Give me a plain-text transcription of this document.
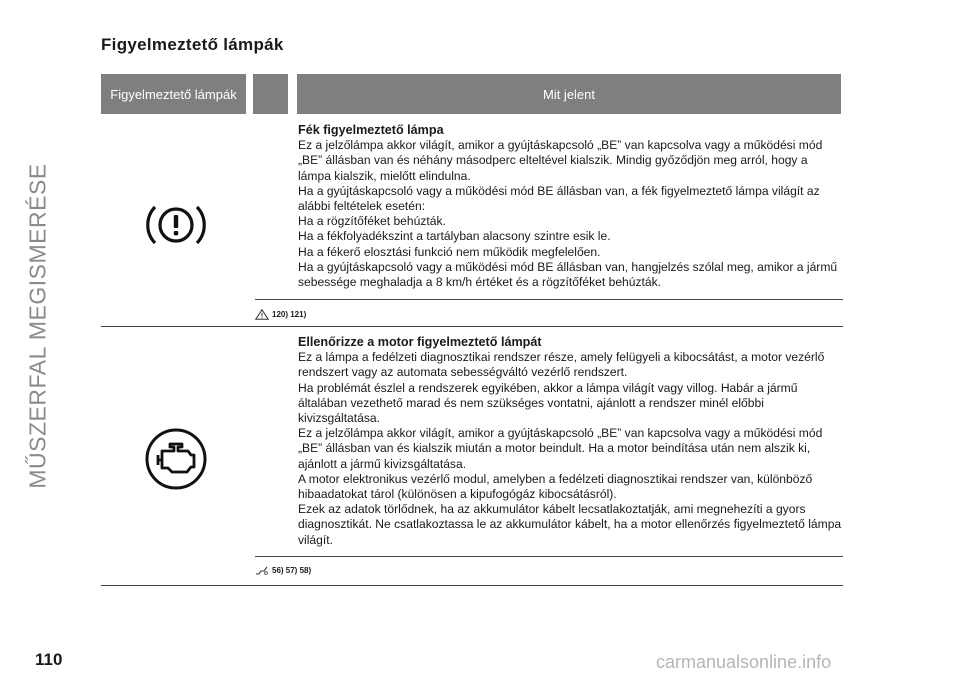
MŰSZERFAL MEGISMERÉSE
Figyelmeztető lámpák
Figyelmeztető lámpák	Mit jelent
Fék figyelmeztető lámpa

Ez a jelzőlámpa akkor világít, amikor a gyújtáskapcsoló „BE” van kapcsolva vagy a működési mód „BE” állásban van és néhány másodperc elteltével kialszik. Mindig győződjön meg arról, hogy a lámpa kialszik, mielőtt elindulna.

Ha a gyújtáskapcsoló vagy a működési mód BE állásban van, a fék figyelmeztető lámpa világít az alábbi feltételek esetén:

Ha a rögzítőféket behúzták.

Ha a fékfolyadékszint a tartályban alacsony szintre esik le.

Ha a fékerő elosztási funkció nem működik megfelelően.

Ha a gyújtáskapcsoló vagy a működési mód BE állásban van, hangjelzés szólal meg, amikor a jármű sebessége meghaladja a 8 km/h értéket és a rögzítőféket behúzták.

120) 121)
Ellenőrizze a motor figyelmeztető lámpát

Ez a lámpa a fedélzeti diagnosztikai rendszer része, amely felügyeli a kibocsátást, a motor vezérlő rendszert vagy az automata sebességváltó vezérlő rendszert.

Ha problémát észlel a rendszerek egyikében, akkor a lámpa világít vagy villog. Habár a jármű általában vezethető marad és nem szükséges vontatni, ajánlott a rendszer minél előbbi kivizsgáltatása.

Ez a jelzőlámpa akkor világít, amikor a gyújtáskapcsoló „BE” van kapcsolva vagy a működési mód „BE” állásban van és kialszik miután a motor beindult. Ha a motor beindítása után nem alszik ki, ajánlott a jármű kivizsgáltatása.

A motor elektronikus vezérlő modul, amelyben a fedélzeti diagnosztikai rendszer van, különböző hibaadatokat tárol (különösen a kipufogógáz kibocsátásról).

Ezek az adatok törlődnek, ha az akkumulátor kábelt lecsatlakoztatják, ami megnehezíti a gyors diagnosztikát. Ne csatlakoztassa le az akkumulátor kábelt, ha a motor ellenőrzés figyelmeztető lámpa világít.

56) 57) 58)
110	carmanualsonline.info
